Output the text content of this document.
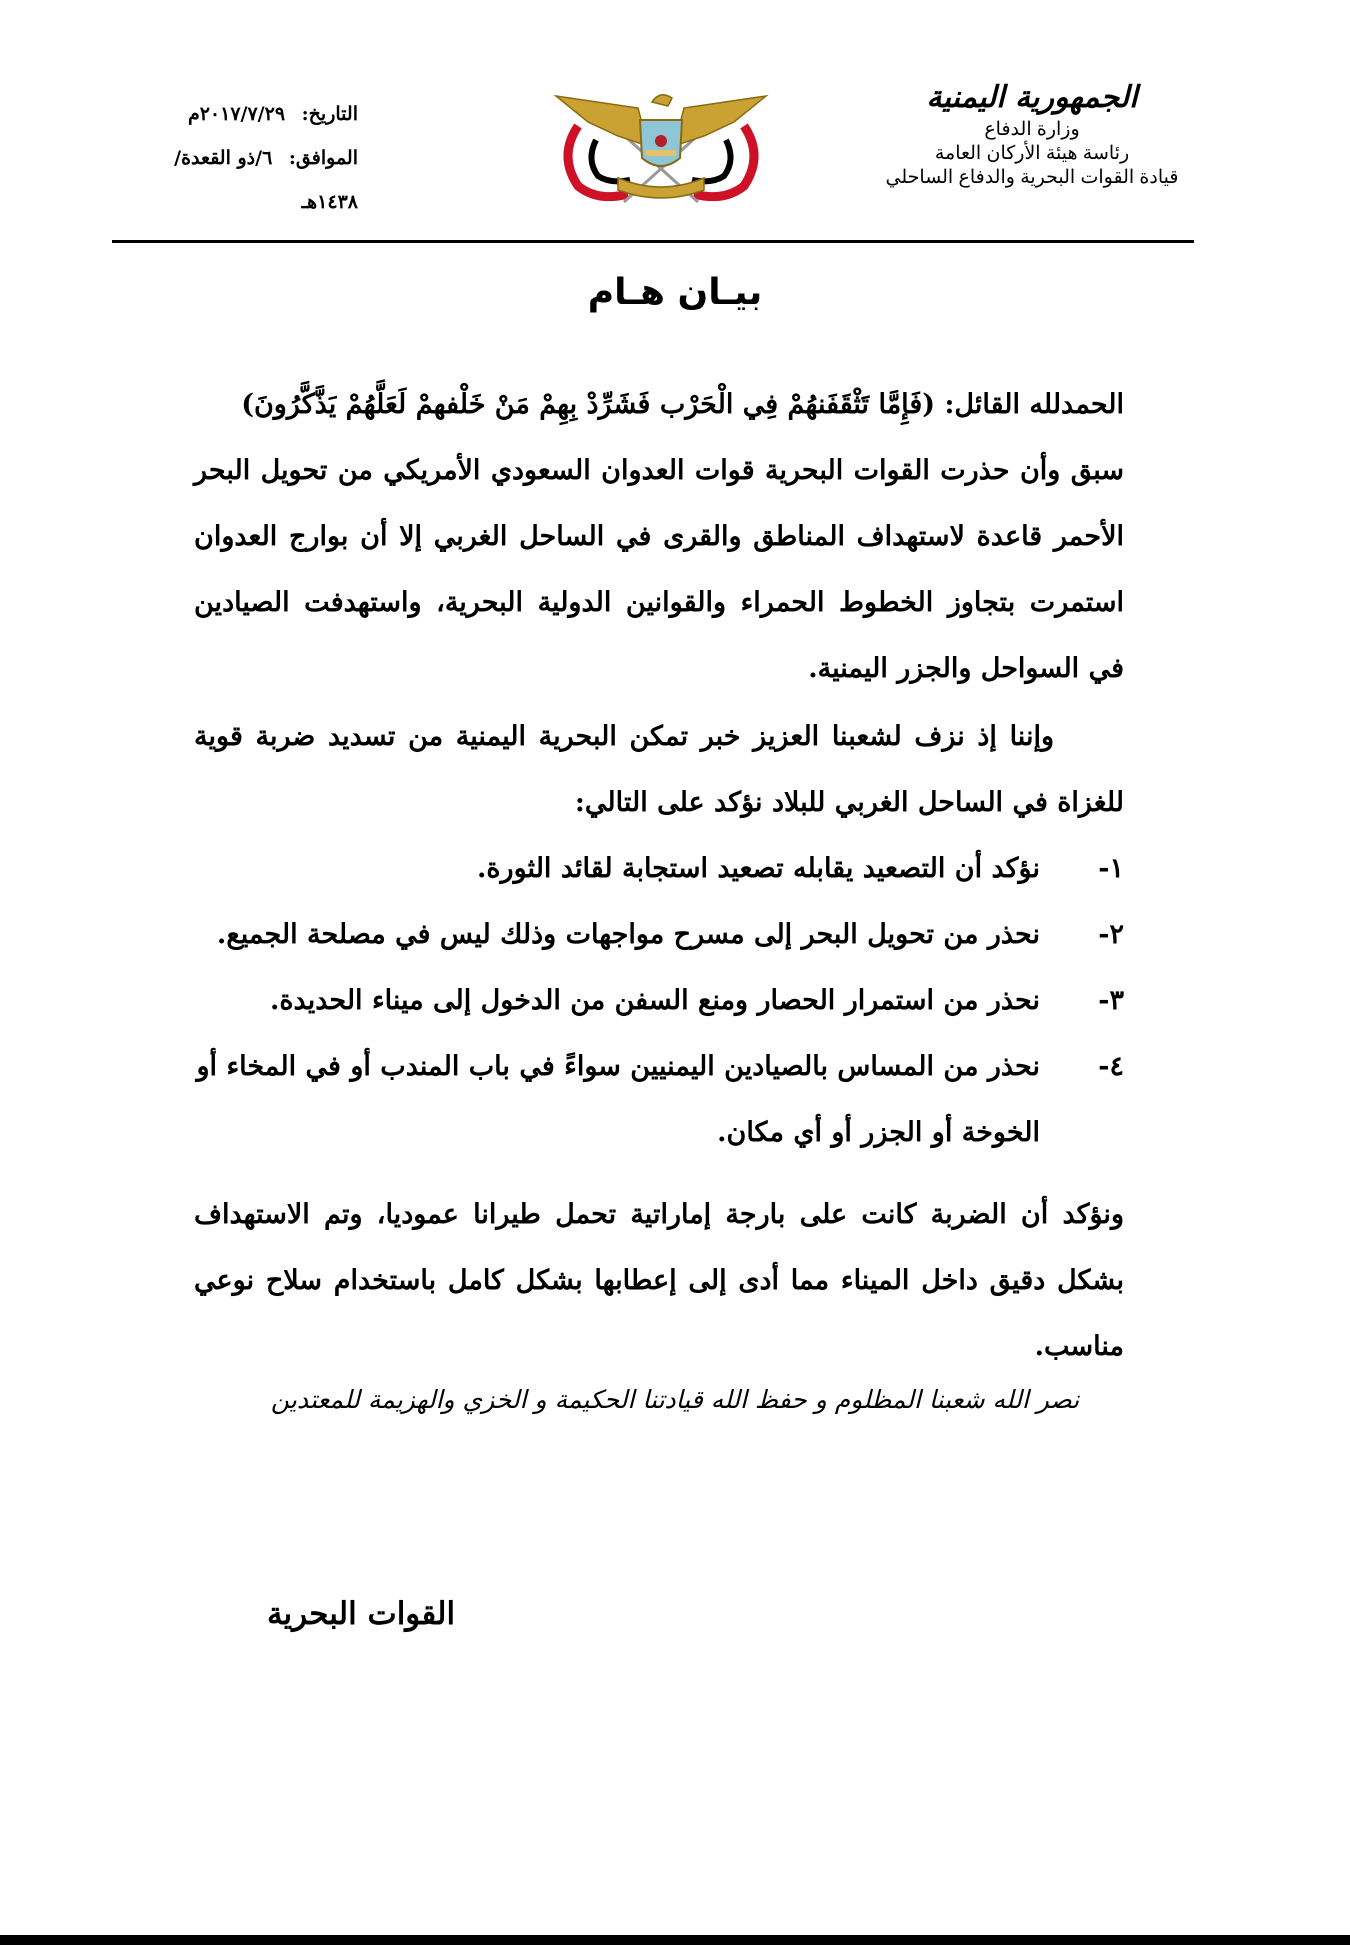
الجمهورية اليمنية
وزارة الدفاع
رئاسة هيئة الأركان العامة
قيادة القوات البحرية والدفاع الساحلي
التاريخ: ٢٠١٧/٧/٢٩م
الموافق: ٦/ذو القعدة/١٤٣٨هـ
بيـان هـام

الحمدلله القائل: (فَإِمَّا تَثْقَفَنهُمْ فِي الْحَرْب فَشَرِّدْ بِهِمْ مَنْ خَلْفهمْ لَعَلَّهُمْ يَذَّكَّرُونَ)

سبق وأن حذرت القوات البحرية قوات العدوان السعودي الأمريكي من تحويل البحر الأحمر قاعدة لاستهداف المناطق والقرى في الساحل الغربي إلا أن بوارج العدوان استمرت بتجاوز الخطوط الحمراء والقوانين الدولية البحرية، واستهدفت الصيادين في السواحل والجزر اليمنية.

وإننا إذ نزف لشعبنا العزيز خبر تمكن البحرية اليمنية من تسديد ضربة قوية للغزاة في الساحل الغربي للبلاد نؤكد على التالي:

١-
نؤكد أن التصعيد يقابله تصعيد استجابة لقائد الثورة.
٢-
نحذر من تحويل البحر إلى مسرح مواجهات وذلك ليس في مصلحة الجميع.
٣-
نحذر من استمرار الحصار ومنع السفن من الدخول إلى ميناء الحديدة.
٤-
نحذر من المساس بالصيادين اليمنيين سواءً في باب المندب أو في المخاء أو الخوخة أو الجزر أو أي مكان.

ونؤكد أن الضربة كانت على بارجة إماراتية تحمل طيرانا عموديا، وتم الاستهداف بشكل دقيق داخل الميناء مما أدى إلى إعطابها بشكل كامل باستخدام سلاح نوعي مناسب.

نصر الله شعبنا المظلوم و حفظ الله قيادتنا الحكيمة و الخزي والهزيمة للمعتدين
القوات البحرية
